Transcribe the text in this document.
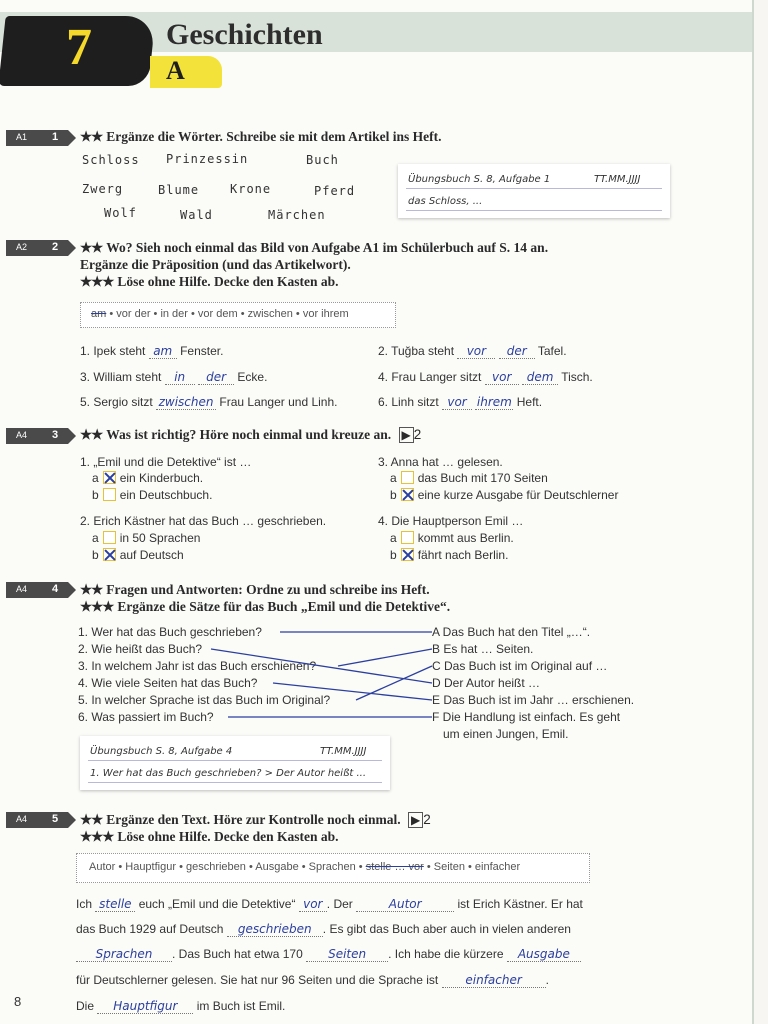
7 Geschichten
A
A1 1 ★★ Ergänze die Wörter. Schreibe sie mit dem Artikel ins Heft.
Schloss Prinzessin	Buch
Zwerg	Blume	Krone	Pferd
Wolf	Wald	Märchen
Übungsbuch S. 8, Aufgabe 1	TT.MM.JJJJ
das Schloss, ...
A2 2 ★★ Wo? Sieh noch einmal das Bild von Aufgabe A1 im Schülerbuch auf S. 14 an.
Ergänze die Präposition (und das Artikelwort).
★★★ Löse ohne Hilfe. Decke den Kasten ab.
am • vor der • in der • vor dem • zwischen • vor ihrem
1. Ipek steht am Fenster.	2. Tuğba steht vor der Tafel.
3. William steht in der Ecke.	4. Frau Langer sitzt vor dem Tisch.
5. Sergio sitzt zwischen Frau Langer und Linh.	6. Linh sitzt vor ihrem Heft.
A4 3 ★★ Was ist richtig? Höre noch einmal und kreuze an. ▶ 2
1. „Emil und die Detektive“ ist …
a ein Kinderbuch.
b ein Deutschbuch.
2. Erich Kästner hat das Buch … geschrieben.
a in 50 Sprachen
b auf Deutsch
3. Anna hat … gelesen.
a das Buch mit 170 Seiten
b eine kurze Ausgabe für Deutschlerner
4. Die Hauptperson Emil …
a kommt aus Berlin.
b fährt nach Berlin.
A4 4 ★★ Fragen und Antworten: Ordne zu und schreibe ins Heft.
★★★ Ergänze die Sätze für das Buch „Emil und die Detektive“.
1. Wer hat das Buch geschrieben?
2. Wie heißt das Buch?
3. In welchem Jahr ist das Buch erschienen?
4. Wie viele Seiten hat das Buch?
5. In welcher Sprache ist das Buch im Original?
6. Was passiert im Buch?
A Das Buch hat den Titel „…“.
B Es hat … Seiten.
C Das Buch ist im Original auf …
D Der Autor heißt …
E Das Buch ist im Jahr … erschienen.
F Die Handlung ist einfach. Es geht
um einen Jungen, Emil.
Übungsbuch S. 8, Aufgabe 4	TT.MM.JJJJ
1. Wer hat das Buch geschrieben? > Der Autor heißt ...
A4 5 ★★ Ergänze den Text. Höre zur Kontrolle noch einmal. ▶ 2
★★★ Löse ohne Hilfe. Decke den Kasten ab.
Autor • Hauptfigur • geschrieben • Ausgabe • Sprachen • stelle … vor • Seiten • einfacher
Ich stelle euch „Emil und die Detektive“ vor . Der	Autor	ist Erich Kästner. Er hat
das Buch 1929 auf Deutsch geschrieben . Es gibt das Buch aber auch in vielen anderen
Sprachen . Das Buch hat etwa 170 Seiten . Ich habe die kürzere Ausgabe
für Deutschlerner gelesen. Sie hat nur 96 Seiten und die Sprache ist einfacher .
Die Hauptfigur im Buch ist Emil.
8
